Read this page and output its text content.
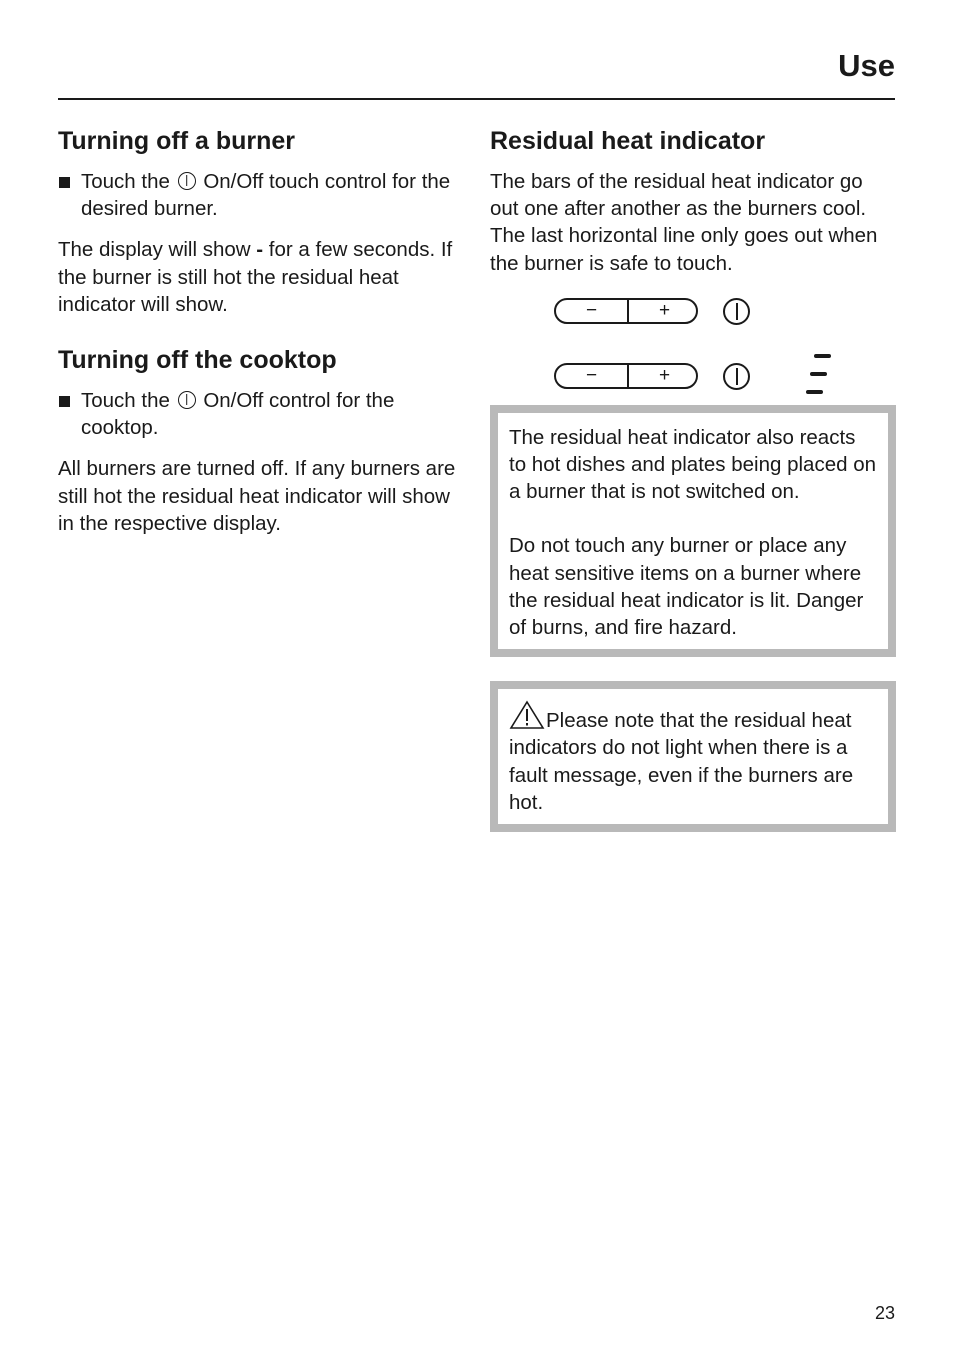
Use
Turning off a burner
Touch the On/Off touch control for the desired burner.

The display will show - for a few seconds. If the burner is still hot the residual heat indicator will show.

Turning off the cooktop
Touch the On/Off control for the cooktop.

All burners are turned off. If any burners are still hot the residual heat indicator will show in the respective display.

Residual heat indicator

The bars of the residual heat indicator go out one after another as the burners cool. The last horizontal line only goes out when the burner is safe to touch.

−	+
−	+

The residual heat indicator also reacts to hot dishes and plates being placed on a burner that is not switched on.

Do not touch any burner or place any heat sensitive items on a burner where the residual heat indicator is lit. Danger of burns, and fire hazard.

Please note that the residual heat indicators do not light when there is a fault message, even if the burners are hot.

23
